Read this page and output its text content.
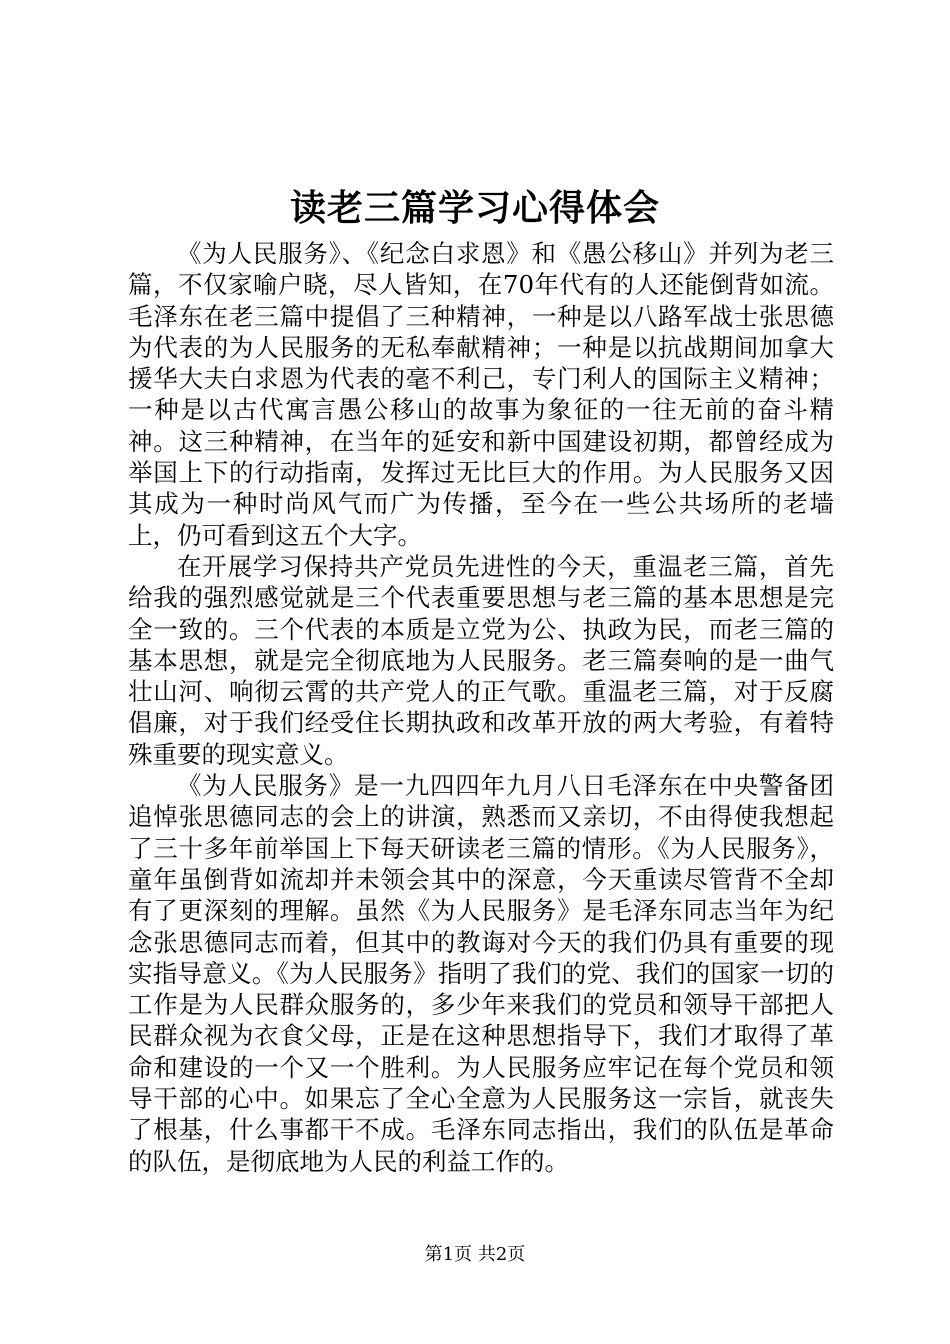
读老三篇学习心得体会

《为人民服务》、《纪念白求恩》和《愚公移山》并列为老三篇，不仅家喻户晓，尽人皆知，在70年代有的人还能倒背如流。毛泽东在老三篇中提倡了三种精神，一种是以八路军战士张思德为代表的为人民服务的无私奉献精神；一种是以抗战期间加拿大援华大夫白求恩为代表的毫不利己，专门利人的国际主义精神；一种是以古代寓言愚公移山的故事为象征的一往无前的奋斗精神。这三种精神，在当年的延安和新中国建设初期，都曾经成为举国上下的行动指南，发挥过无比巨大的作用。为人民服务又因其成为一种时尚风气而广为传播，至今在一些公共场所的老墙上，仍可看到这五个大字。

在开展学习保持共产党员先进性的今天，重温老三篇，首先给我的强烈感觉就是三个代表重要思想与老三篇的基本思想是完全一致的。三个代表的本质是立党为公、执政为民，而老三篇的基本思想，就是完全彻底地为人民服务。老三篇奏响的是一曲气壮山河、响彻云霄的共产党人的正气歌。重温老三篇，对于反腐倡廉，对于我们经受住长期执政和改革开放的两大考验，有着特殊重要的现实意义。

《为人民服务》是一九四四年九月八日毛泽东在中央警备团追悼张思德同志的会上的讲演，熟悉而又亲切，不由得使我想起了三十多年前举国上下每天研读老三篇的情形。《为人民服务》，童年虽倒背如流却并未领会其中的深意，今天重读尽管背不全却有了更深刻的理解。虽然《为人民服务》是毛泽东同志当年为纪念张思德同志而着，但其中的教诲对今天的我们仍具有重要的现实指导意义。《为人民服务》指明了我们的党、我们的国家一切的工作是为人民群众服务的，多少年来我们的党员和领导干部把人民群众视为衣食父母，正是在这种思想指导下，我们才取得了革命和建设的一个又一个胜利。为人民服务应牢记在每个党员和领导干部的心中。如果忘了全心全意为人民服务这一宗旨，就丧失了根基，什么事都干不成。毛泽东同志指出，我们的队伍是革命的队伍，是彻底地为人民的利益工作的。

第1页 共2页
